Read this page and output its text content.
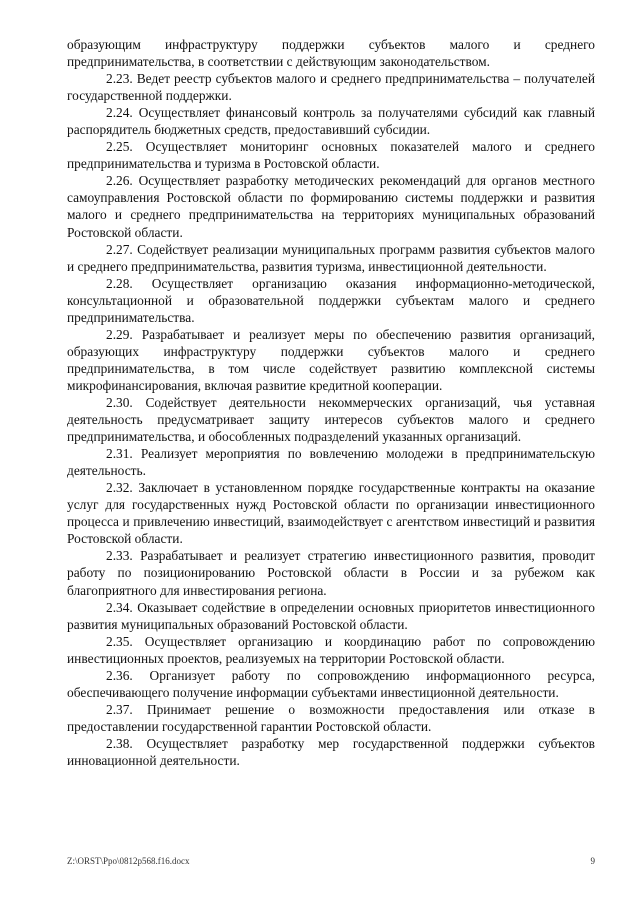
образующим инфраструктуру поддержки субъектов малого и среднего предпринимательства, в соответствии с действующим законодательством.

2.23. Ведет реестр субъектов малого и среднего предпринимательства – получателей государственной поддержки.

2.24. Осуществляет финансовый контроль за получателями субсидий как главный распорядитель бюджетных средств, предоставивший субсидии.

2.25. Осуществляет мониторинг основных показателей малого и среднего предпринимательства и туризма в Ростовской области.

2.26. Осуществляет разработку методических рекомендаций для органов местного самоуправления Ростовской области по формированию системы поддержки и развития малого и среднего предпринимательства на территориях муниципальных образований Ростовской области.

2.27. Содействует реализации муниципальных программ развития субъектов малого и среднего предпринимательства, развития туризма, инвестиционной деятельности.

2.28. Осуществляет организацию оказания информационно-методической, консультационной и образовательной поддержки субъектам малого и среднего предпринимательства.

2.29. Разрабатывает и реализует меры по обеспечению развития организаций, образующих инфраструктуру поддержки субъектов малого и среднего предпринимательства, в том числе содействует развитию комплексной системы микрофинансирования, включая развитие кредитной кооперации.

2.30. Содействует деятельности некоммерческих организаций, чья уставная деятельность предусматривает защиту интересов субъектов малого и среднего предпринимательства, и обособленных подразделений указанных организаций.

2.31. Реализует мероприятия по вовлечению молодежи в предпринимательскую деятельность.

2.32. Заключает в установленном порядке государственные контракты на оказание услуг для государственных нужд Ростовской области по организации инвестиционного процесса и привлечению инвестиций, взаимодействует с агентством инвестиций и развития Ростовской области.

2.33. Разрабатывает и реализует стратегию инвестиционного развития, проводит работу по позиционированию Ростовской области в России и за рубежом как благоприятного для инвестирования региона.

2.34. Оказывает содействие в определении основных приоритетов инвестиционного развития муниципальных образований Ростовской области.

2.35. Осуществляет организацию и координацию работ по сопровождению инвестиционных проектов, реализуемых на территории Ростовской области.

2.36. Организует работу по сопровождению информационного ресурса, обеспечивающего получение информации субъектами инвестиционной деятельности.

2.37. Принимает решение о возможности предоставления или отказе в предоставлении государственной гарантии Ростовской области.

2.38. Осуществляет разработку мер государственной поддержки субъектов инновационной деятельности.

Z:\ORST\Ppo\0812p568.f16.docx	9
